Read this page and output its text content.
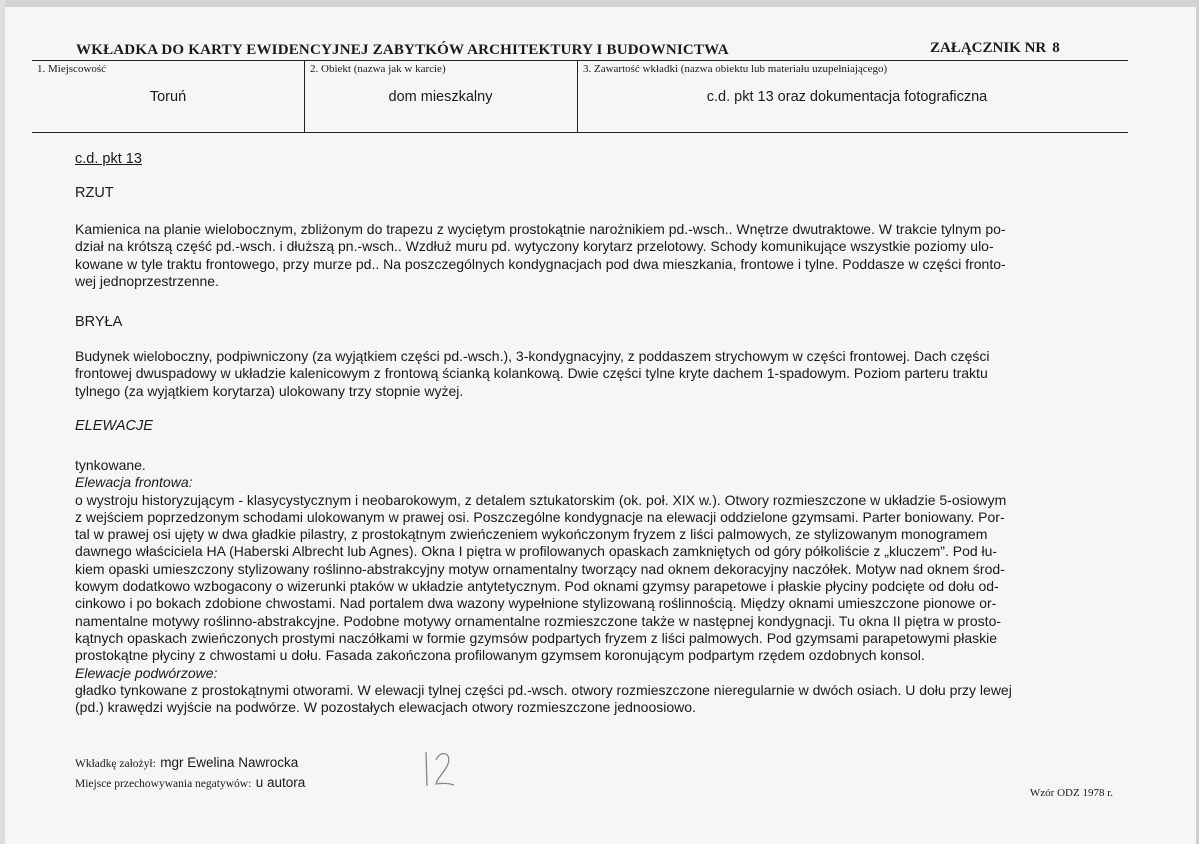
WKŁADKA DO KARTY EWIDENCYJNEJ ZABYTKÓW ARCHITEKTURY I BUDOWNICTWA	ZAŁĄCZNIK NR 8
1. Miejscowość	2. Obiekt (nazwa jak w karcie)	3. Zawartość wkładki (nazwa obiektu lub materiału uzupełniającego)
Toruń	dom mieszkalny	c.d. pkt 13 oraz dokumentacja fotograficzna
c.d. pkt 13
RZUT
Kamienica na planie wielobocznym, zbliżonym do trapezu z wyciętym prostokątnie narożnikiem pd.-wsch.. Wnętrze dwutraktowe. W trakcie tylnym po-
dział na krótszą część pd.-wsch. i dłuższą pn.-wsch.. Wzdłuż muru pd. wytyczony korytarz przelotowy. Schody komunikujące wszystkie poziomy ulo-
kowane w tyle traktu frontowego, przy murze pd.. Na poszczególnych kondygnacjach pod dwa mieszkania, frontowe i tylne. Poddasze w części fronto-
wej jednoprzestrzenne.
BRYŁA
Budynek wieloboczny, podpiwniczony (za wyjątkiem części pd.-wsch.), 3-kondygnacyjny, z poddaszem strychowym w części frontowej. Dach części
frontowej dwuspadowy w układzie kalenicowym z frontową ścianką kolankową. Dwie części tylne kryte dachem 1-spadowym. Poziom parteru traktu
tylnego (za wyjątkiem korytarza) ulokowany trzy stopnie wyżej.
ELEWACJE
tynkowane.
Elewacja frontowa:
o wystroju historyzującym - klasycystycznym i neobarokowym, z detalem sztukatorskim (ok. poł. XIX w.). Otwory rozmieszczone w układzie 5-osiowym
z wejściem poprzedzonym schodami ulokowanym w prawej osi. Poszczególne kondygnacje na elewacji oddzielone gzymsami. Parter boniowany. Por-
tal w prawej osi ujęty w dwa gładkie pilastry, z prostokątnym zwieńczeniem wykończonym fryzem z liści palmowych, ze stylizowanym monogramem
dawnego właściciela HA (Haberski Albrecht lub Agnes). Okna I piętra w profilowanych opaskach zamkniętych od góry półkoliście z „kluczem”. Pod łu-
kiem opaski umieszczony stylizowany roślinno-abstrakcyjny motyw ornamentalny tworzący nad oknem dekoracyjny naczółek. Motyw nad oknem środ-
kowym dodatkowo wzbogacony o wizerunki ptaków w układzie antytetycznym. Pod oknami gzymsy parapetowe i płaskie płyciny podcięte od dołu od-
cinkowo i po bokach zdobione chwostami. Nad portalem dwa wazony wypełnione stylizowaną roślinnością. Między oknami umieszczone pionowe or-
namentalne motywy roślinno-abstrakcyjne. Podobne motywy ornamentalne rozmieszczone także w następnej kondygnacji. Tu okna II piętra w prosto-
kątnych opaskach zwieńczonych prostymi naczółkami w formie gzymsów podpartych fryzem z liści palmowych. Pod gzymsami parapetowymi płaskie
prostokątne płyciny z chwostami u dołu. Fasada zakończona profilowanym gzymsem koronującym podpartym rzędem ozdobnych konsol.
Elewacje podwórzowe:
gładko tynkowane z prostokątnymi otworami. W elewacji tylnej części pd.-wsch. otwory rozmieszczone nieregularnie w dwóch osiach. U dołu przy lewej
(pd.) krawędzi wyjście na podwórze. W pozostałych elewacjach otwory rozmieszczone jednoosiowo.
Wkładkę założył: mgr Ewelina Nawrocka
Miejsce przechowywania negatywów: u autora
Wzór ODZ 1978 r.
